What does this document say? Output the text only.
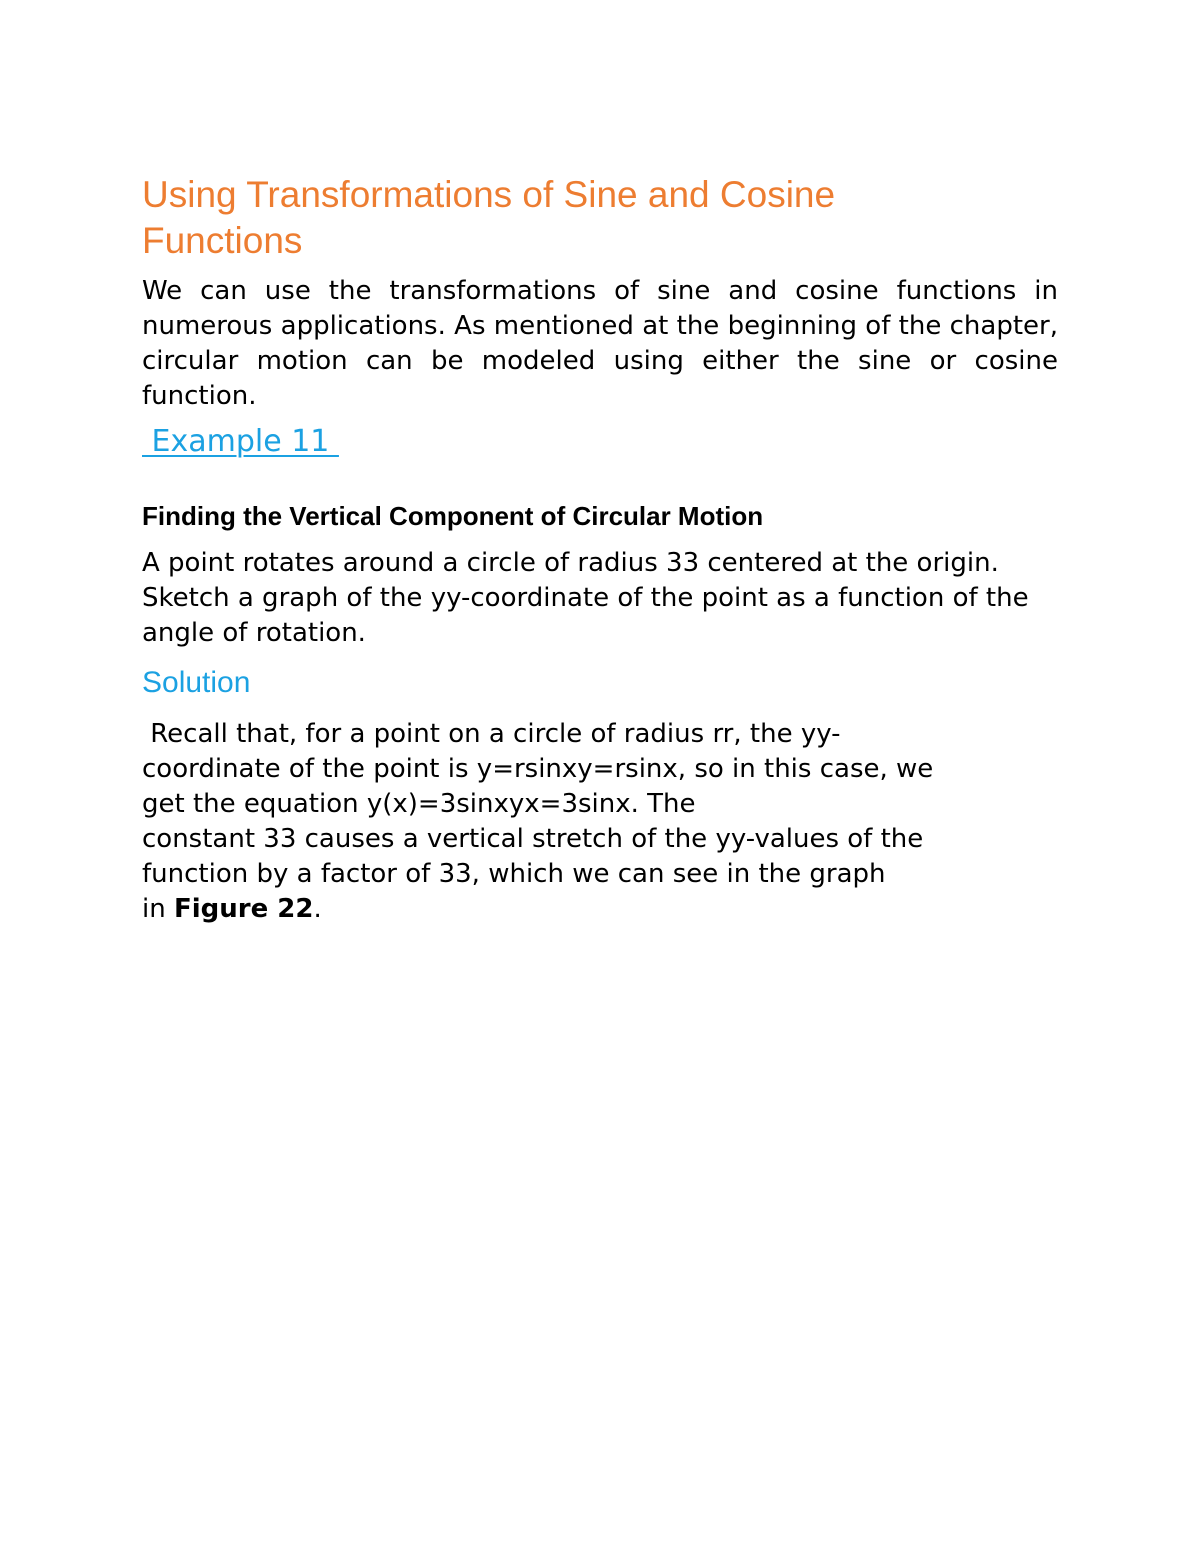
Using Transformations of Sine and Cosine
Functions

We can use the transformations of sine and cosine functions in numerous applications. As mentioned at the beginning of the chapter, circular motion can be modeled using either the sine or cosine function.

Example 11

Finding the Vertical Component of Circular Motion

A point rotates around a circle of radius 33 centered at the origin. Sketch a graph of the yy-coordinate of the point as a function of the angle of rotation.

Solution

Recall that, for a point on a circle of radius rr, the yy-
coordinate of the point is y=rsinxy=rsinx, so in this case, we
get the equation y(x)=3sinxyx=3sinx. The
constant 33 causes a vertical stretch of the yy-values of the
function by a factor of 33, which we can see in the graph
in Figure 22.
